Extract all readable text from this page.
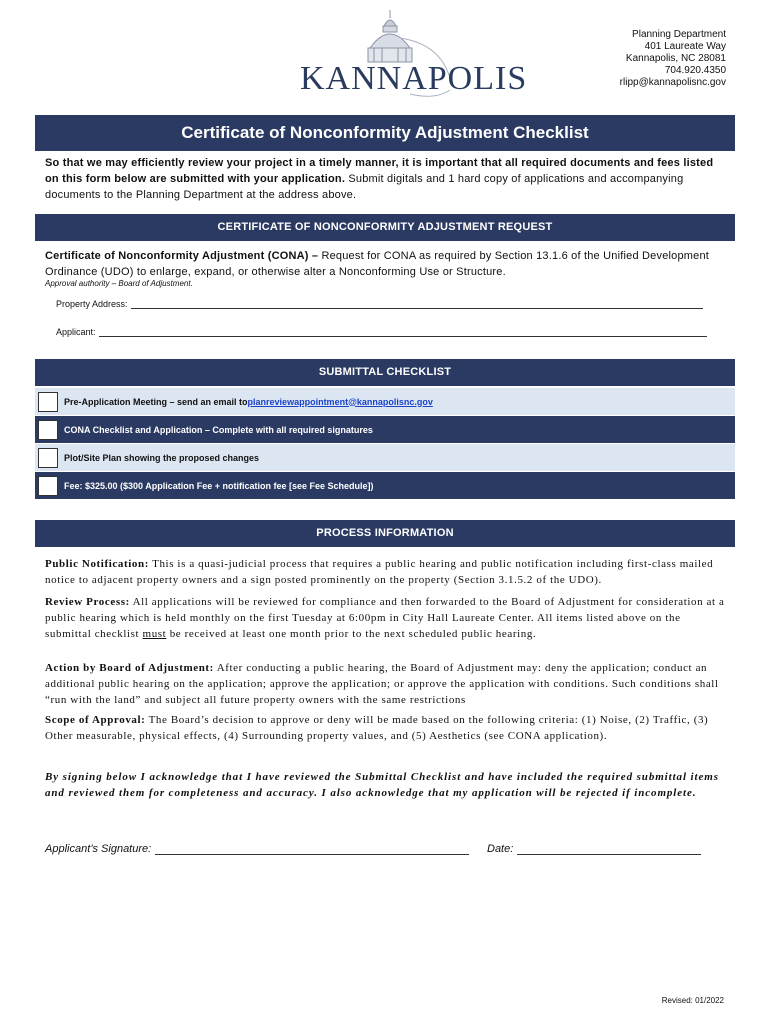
KANNAPOLIS
Planning Department
401 Laureate Way
Kannapolis, NC 28081
704.920.4350
rlipp@kannapolisnc.gov
Certificate of Nonconformity Adjustment Checklist
So that we may efficiently review your project in a timely manner, it is important that all required documents and fees listed on this form below are submitted with your application. Submit digitals and 1 hard copy of applications and accompanying documents to the Planning Department at the address above.
CERTIFICATE OF NONCONFORMITY ADJUSTMENT REQUEST
Certificate of Nonconformity Adjustment (CONA) – Request for CONA as required by Section 13.1.6 of the Unified Development Ordinance (UDO) to enlarge, expand, or otherwise alter a Nonconforming Use or Structure.
Approval authority – Board of Adjustment.
Property Address:
Applicant:
SUBMITTAL CHECKLIST
Pre-Application Meeting – send an email to planreviewappointment@kannapolisnc.gov
CONA Checklist and Application – Complete with all required signatures
Plot/Site Plan showing the proposed changes
Fee: $325.00 ($300 Application Fee + notification fee [see Fee Schedule])
PROCESS INFORMATION
Public Notification: This is a quasi-judicial process that requires a public hearing and public notification including first-class mailed notice to adjacent property owners and a sign posted prominently on the property (Section 3.1.5.2 of the UDO).
Review Process: All applications will be reviewed for compliance and then forwarded to the Board of Adjustment for consideration at a public hearing which is held monthly on the first Tuesday at 6:00pm in City Hall Laureate Center. All items listed above on the submittal checklist must be received at least one month prior to the next scheduled public hearing.
Action by Board of Adjustment: After conducting a public hearing, the Board of Adjustment may: deny the application; conduct an additional public hearing on the application; approve the application; or approve the application with conditions. Such conditions shall “run with the land” and subject all future property owners with the same restrictions
Scope of Approval: The Board’s decision to approve or deny will be made based on the following criteria: (1) Noise, (2) Traffic, (3) Other measurable, physical effects, (4) Surrounding property values, and (5) Aesthetics (see CONA application).
By signing below I acknowledge that I have reviewed the Submittal Checklist and have included the required submittal items and reviewed them for completeness and accuracy. I also acknowledge that my application will be rejected if incomplete.
Applicant’s Signature:	Date:
Revised: 01/2022
